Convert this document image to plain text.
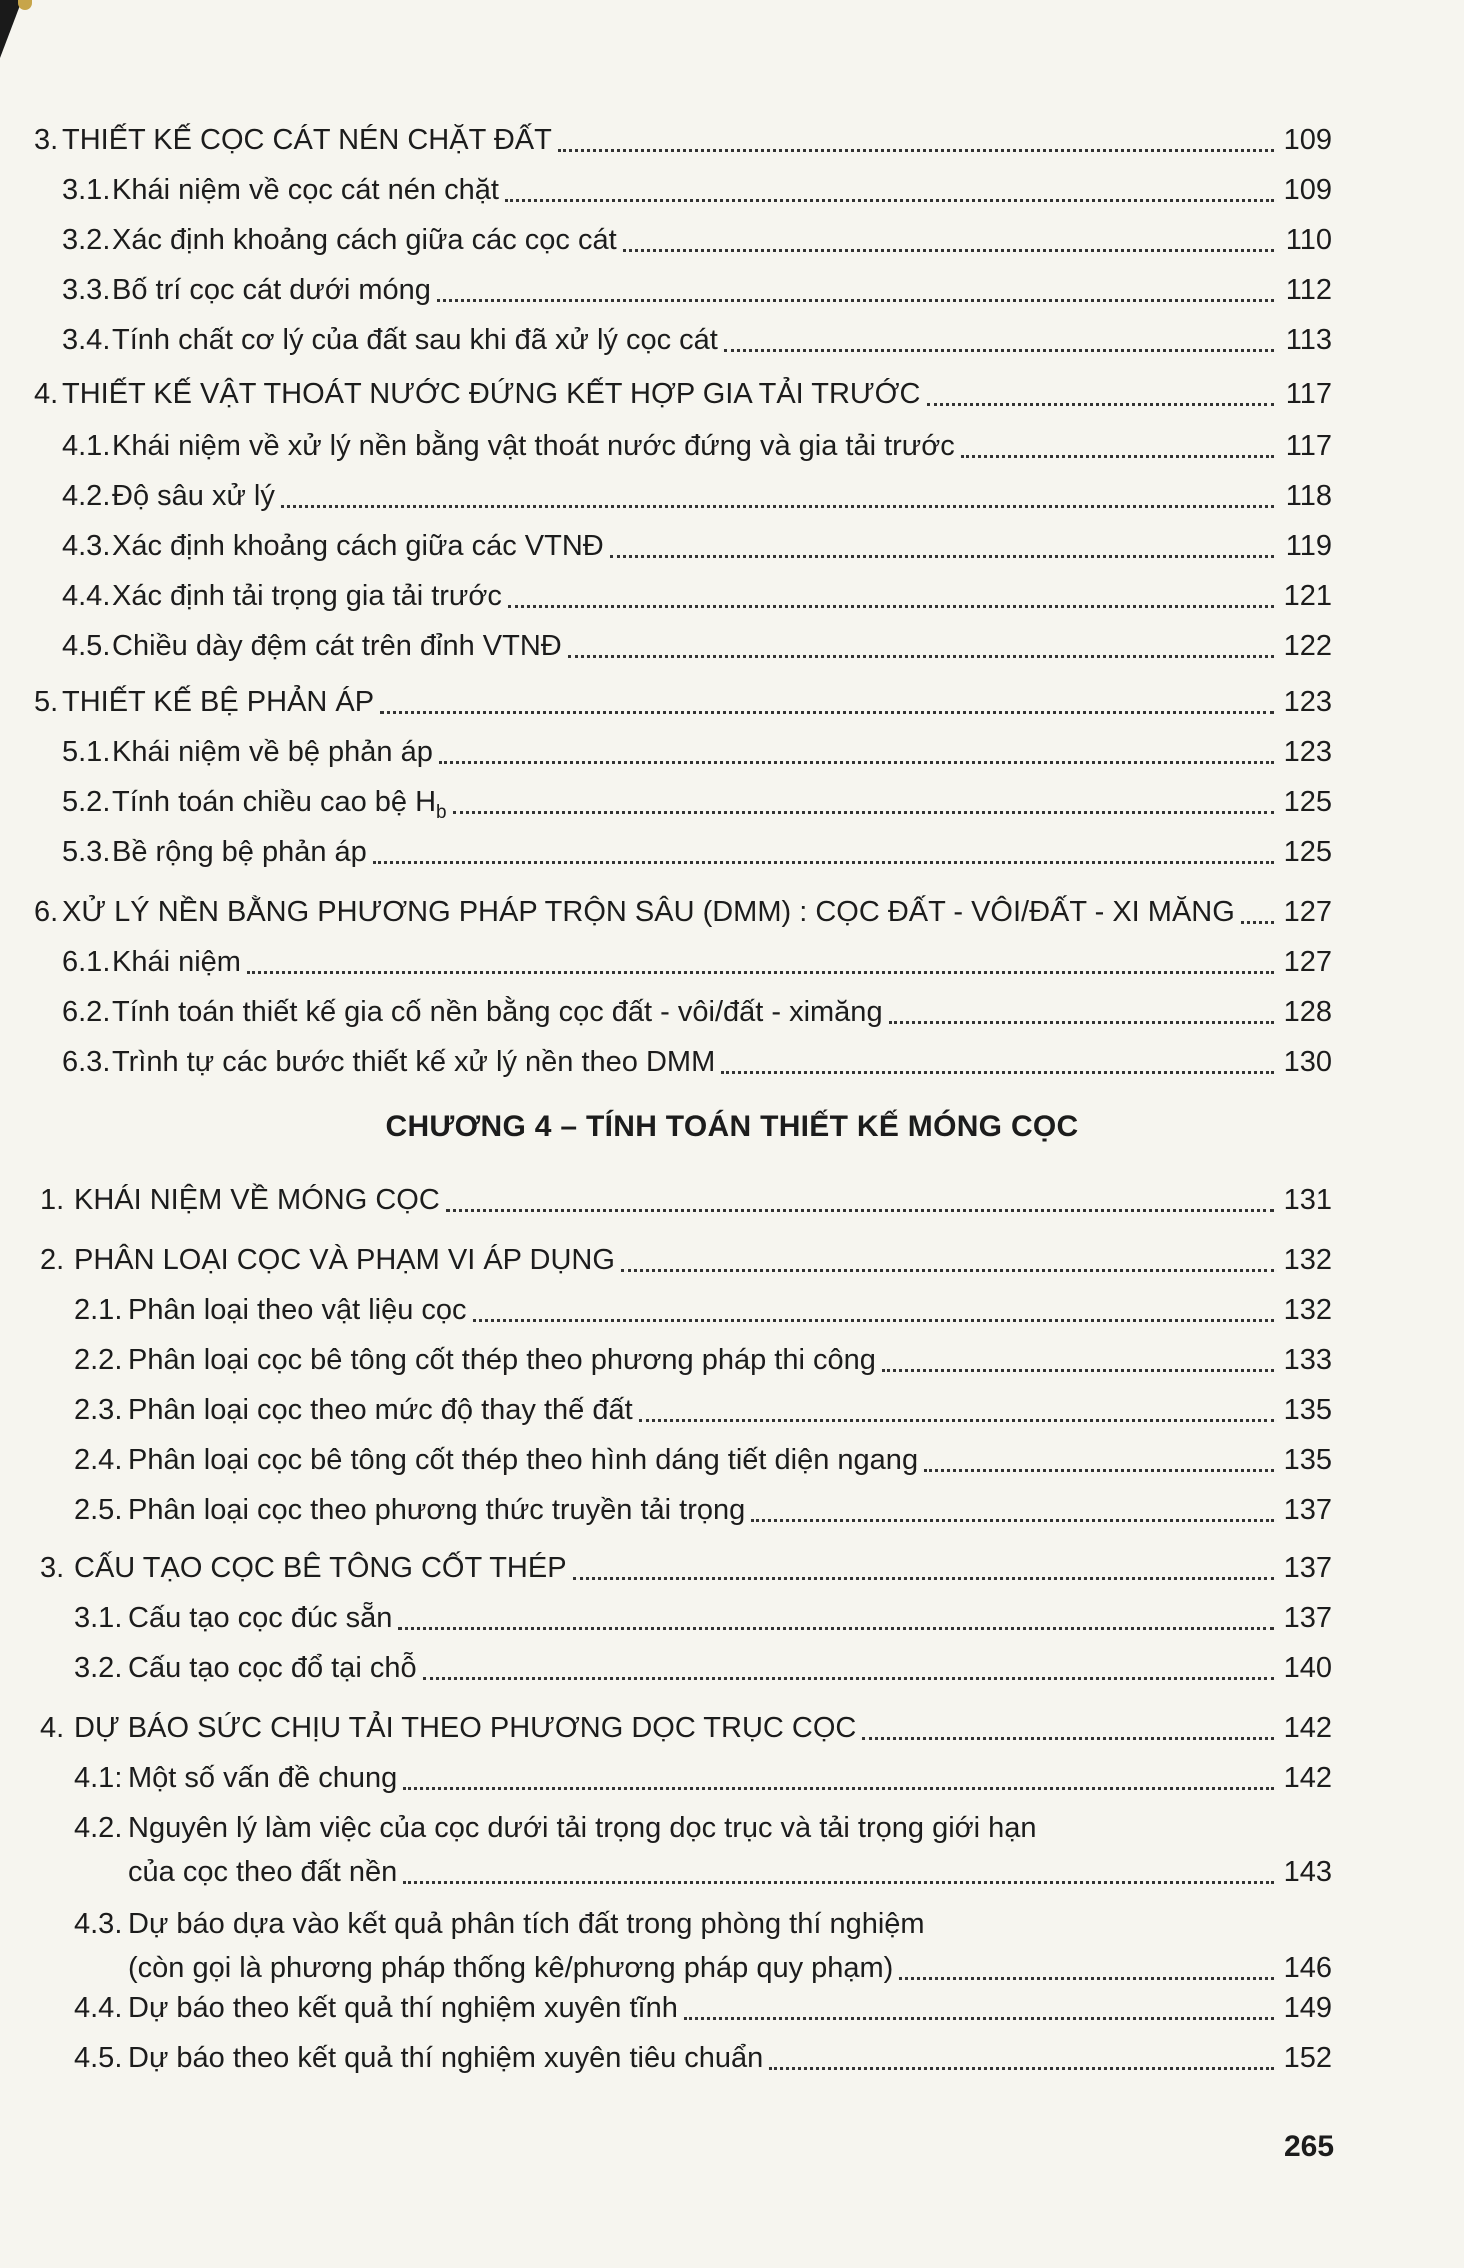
3. THIẾT KẾ CỌC CÁT NÉN CHẶT ĐẤT	109
3.1. Khái niệm về cọc cát nén chặt	109
3.2. Xác định khoảng cách giữa các cọc cát	110
3.3. Bố trí cọc cát dưới móng	112
3.4. Tính chất cơ lý của đất sau khi đã xử lý cọc cát	113
4. THIẾT KẾ VẬT THOÁT NƯỚC ĐỨNG KẾT HỢP GIA TẢI TRƯỚC	117
4.1. Khái niệm về xử lý nền bằng vật thoát nước đứng và gia tải trước	117
4.2. Độ sâu xử lý	118
4.3. Xác định khoảng cách giữa các VTNĐ	119
4.4. Xác định tải trọng gia tải trước	121
4.5. Chiều dày đệm cát trên đỉnh VTNĐ	122
5. THIẾT KẾ BỆ PHẢN ÁP	123
5.1. Khái niệm về bệ phản áp	123
5.2. Tính toán chiều cao bệ $H_b$	125
5.3. Bề rộng bệ phản áp	125
6. XỬ LÝ NỀN BẰNG PHƯƠNG PHÁP TRỘN SÂU (DMM) : CỌC ĐẤT - VÔI/ĐẤT - XI MĂNG 127
6.1. Khái niệm	127
6.2. Tính toán thiết kế gia cố nền bằng cọc đất - vôi/đất - ximăng	128
6.3. Trình tự các bước thiết kế xử lý nền theo DMM	130
1. KHÁI NIỆM VỀ MÓNG CỌC	131
2. PHÂN LOẠI CỌC VÀ PHẠM VI ÁP DỤNG	132
2.1. Phân loại theo vật liệu cọc	132
2.2. Phân loại cọc bê tông cốt thép theo phương pháp thi công	133
2.3. Phân loại cọc theo mức độ thay thế đất	135
2.4. Phân loại cọc bê tông cốt thép theo hình dáng tiết diện ngang	135
2.5. Phân loại cọc theo phương thức truyền tải trọng	137
3. CẤU TẠO CỌC BÊ TÔNG CỐT THÉP	137
3.1. Cấu tạo cọc đúc sẵn	137
3.2. Cấu tạo cọc đổ tại chỗ	140
4. DỰ BÁO SỨC CHỊU TẢI THEO PHƯƠNG DỌC TRỤC CỌC	142
4.1: Một số vấn đề chung	142
4.2. Nguyên lý làm việc của cọc dưới tải trọng dọc trục và tải trọng giới hạn
của cọc theo đất nền	143
4.3. Dự báo dựa vào kết quả phân tích đất trong phòng thí nghiệm
(còn gọi là phương pháp thống kê/phương pháp quy phạm)	146
4.4. Dự báo theo kết quả thí nghiệm xuyên tĩnh	149
4.5. Dự báo theo kết quả thí nghiệm xuyên tiêu chuẩn	152
CHƯƠNG 4 – TÍNH TOÁN THIẾT KẾ MÓNG CỌC
265
